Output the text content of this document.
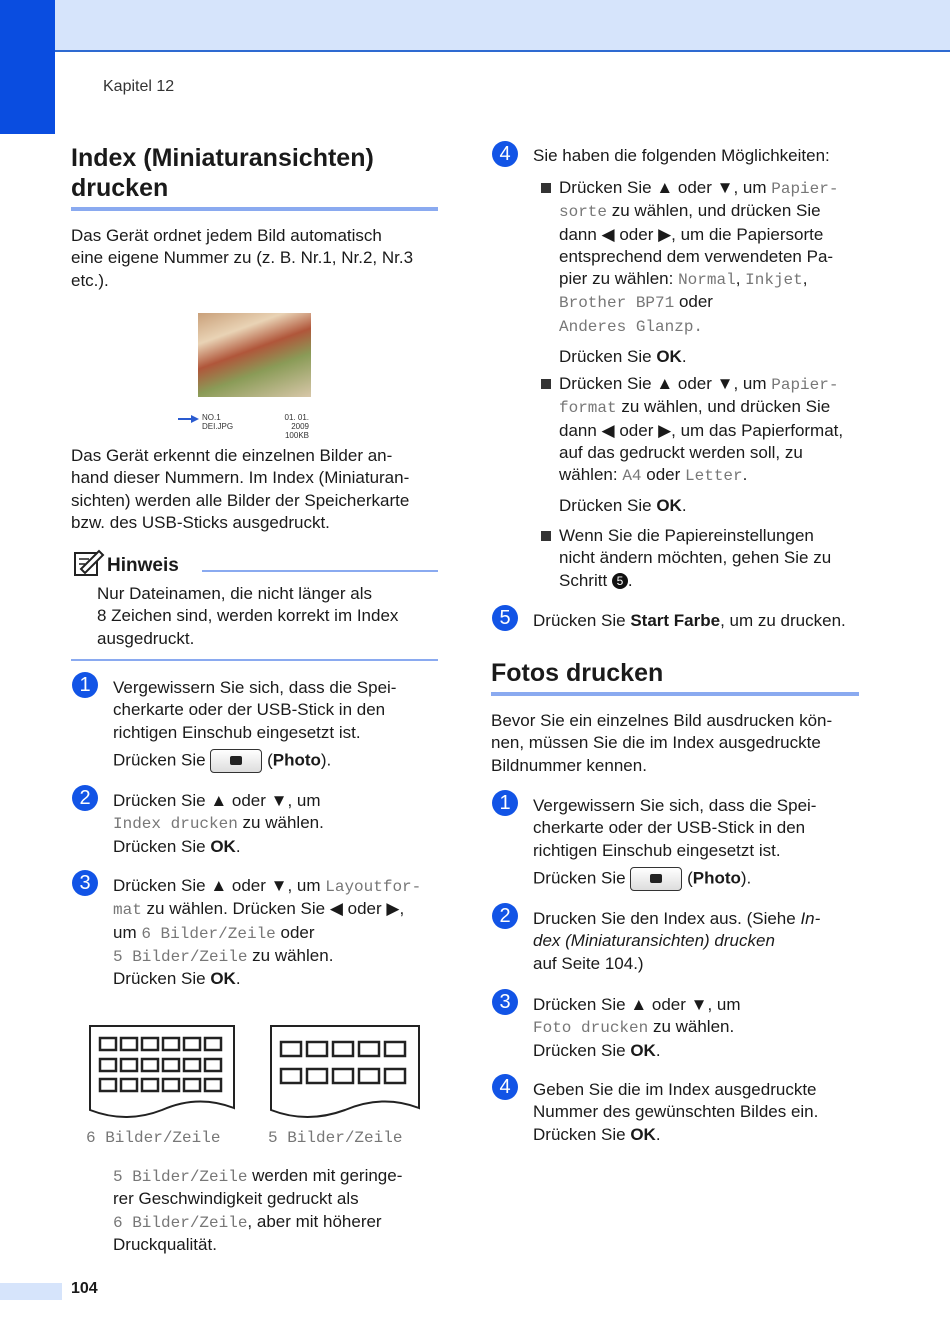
Kapitel 12
Index (Miniaturansichten)
drucken

Das Gerät ordnet jedem Bild automatisch

eine eigene Nummer zu (z. B. Nr.1, Nr.2, Nr.3

etc.).

NO.1
DEI.JPG
01. 01. 2009
100KB

Das Gerät erkennt die einzelnen Bilder an-

hand dieser Nummern. Im Index (Miniaturan-

sichten) werden alle Bilder der Speicherkarte

bzw. des USB-Sticks ausgedruckt.

Hinweis

Nur Dateinamen, die nicht länger als

8 Zeichen sind, werden korrekt im Index

ausgedruckt.

1	Vergewissern Sie sich, dass die Spei-

cherkarte oder der USB-Stick in den

richtigen Einschub eingesetzt ist.

Drücken Sie	(Photo).

2	Drücken Sie ▲ oder ▼, um

Index drucken zu wählen.

Drücken Sie OK.

3	Drücken Sie ▲ oder ▼, um Layoutfor-

mat zu wählen. Drücken Sie ◀ oder ▶,

um 6 Bilder/Zeile oder

5 Bilder/Zeile zu wählen.

Drücken Sie OK.

6 Bilder/Zeile	5 Bilder/Zeile

5 Bilder/Zeile werden mit geringe-

rer Geschwindigkeit gedruckt als

6 Bilder/Zeile, aber mit höherer

Druckqualität.

104
4	Sie haben die folgenden Möglichkeiten:

Drücken Sie ▲ oder ▼, um Papier-

sorte zu wählen, und drücken Sie

dann ◀ oder ▶, um die Papiersorte

entsprechend dem verwendeten Pa-

pier zu wählen: Normal, Inkjet,

Brother BP71 oder

Anderes Glanzp.

Drücken Sie OK.

Drücken Sie ▲ oder ▼, um Papier-

format zu wählen, und drücken Sie

dann ◀ oder ▶, um das Papierformat,

auf das gedruckt werden soll, zu

wählen: A4 oder Letter.

Drücken Sie OK.

Wenn Sie die Papiereinstellungen

nicht ändern möchten, gehen Sie zu

Schritt 5 .

5	Drücken Sie Start Farbe, um zu drucken.

Fotos drucken

Bevor Sie ein einzelnes Bild ausdrucken kön-

nen, müssen Sie die im Index ausgedruckte

Bildnummer kennen.

1	Vergewissern Sie sich, dass die Spei-

cherkarte oder der USB-Stick in den

richtigen Einschub eingesetzt ist.

Drücken Sie	(Photo).

2	Drucken Sie den Index aus. (Siehe In-

dex (Miniaturansichten) drucken

auf Seite 104.)

3	Drücken Sie ▲ oder ▼, um

Foto drucken zu wählen.

Drücken Sie OK.

4	Geben Sie die im Index ausgedruckte

Nummer des gewünschten Bildes ein.

Drücken Sie OK.
